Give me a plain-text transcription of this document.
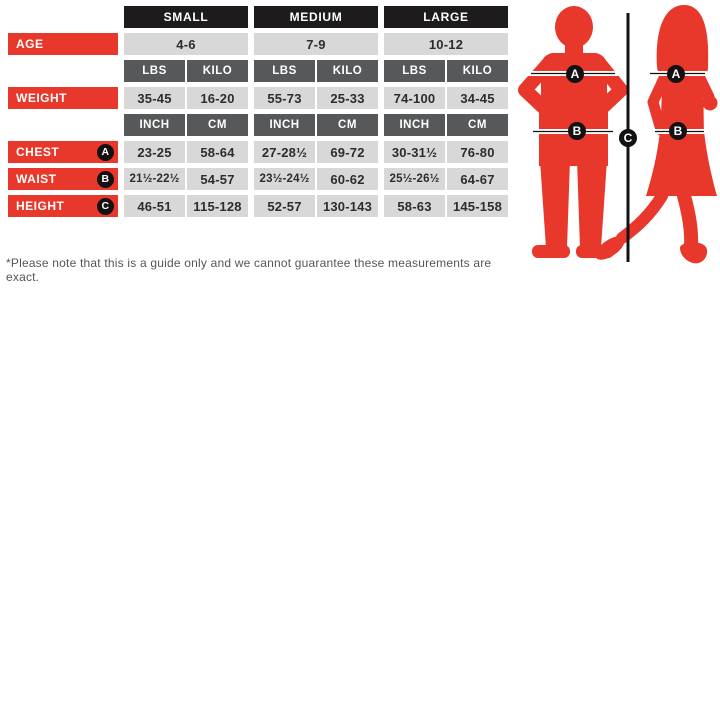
SMALL	MEDIUM	LARGE
AGE	4-6	7-9	10-12
LBS	KILO	LBS	KILO	LBS	KILO
WEIGHT	35-45	16-20	55-73	25-33	74-100	34-45
INCH	CM	INCH	CM	INCH	CM
CHEST	A	23-25	58-64	27-28½	69-72	30-31½	76-80
WAIST	B	21½-22½	54-57	23½-24½	60-62	25½-26½	64-67
HEIGHT	C	46-51	115-128	52-57	130-143	58-63	145-158
*Please note that this is a guide only and we cannot guarantee these measurements are exact.
A
B
A
B
C
